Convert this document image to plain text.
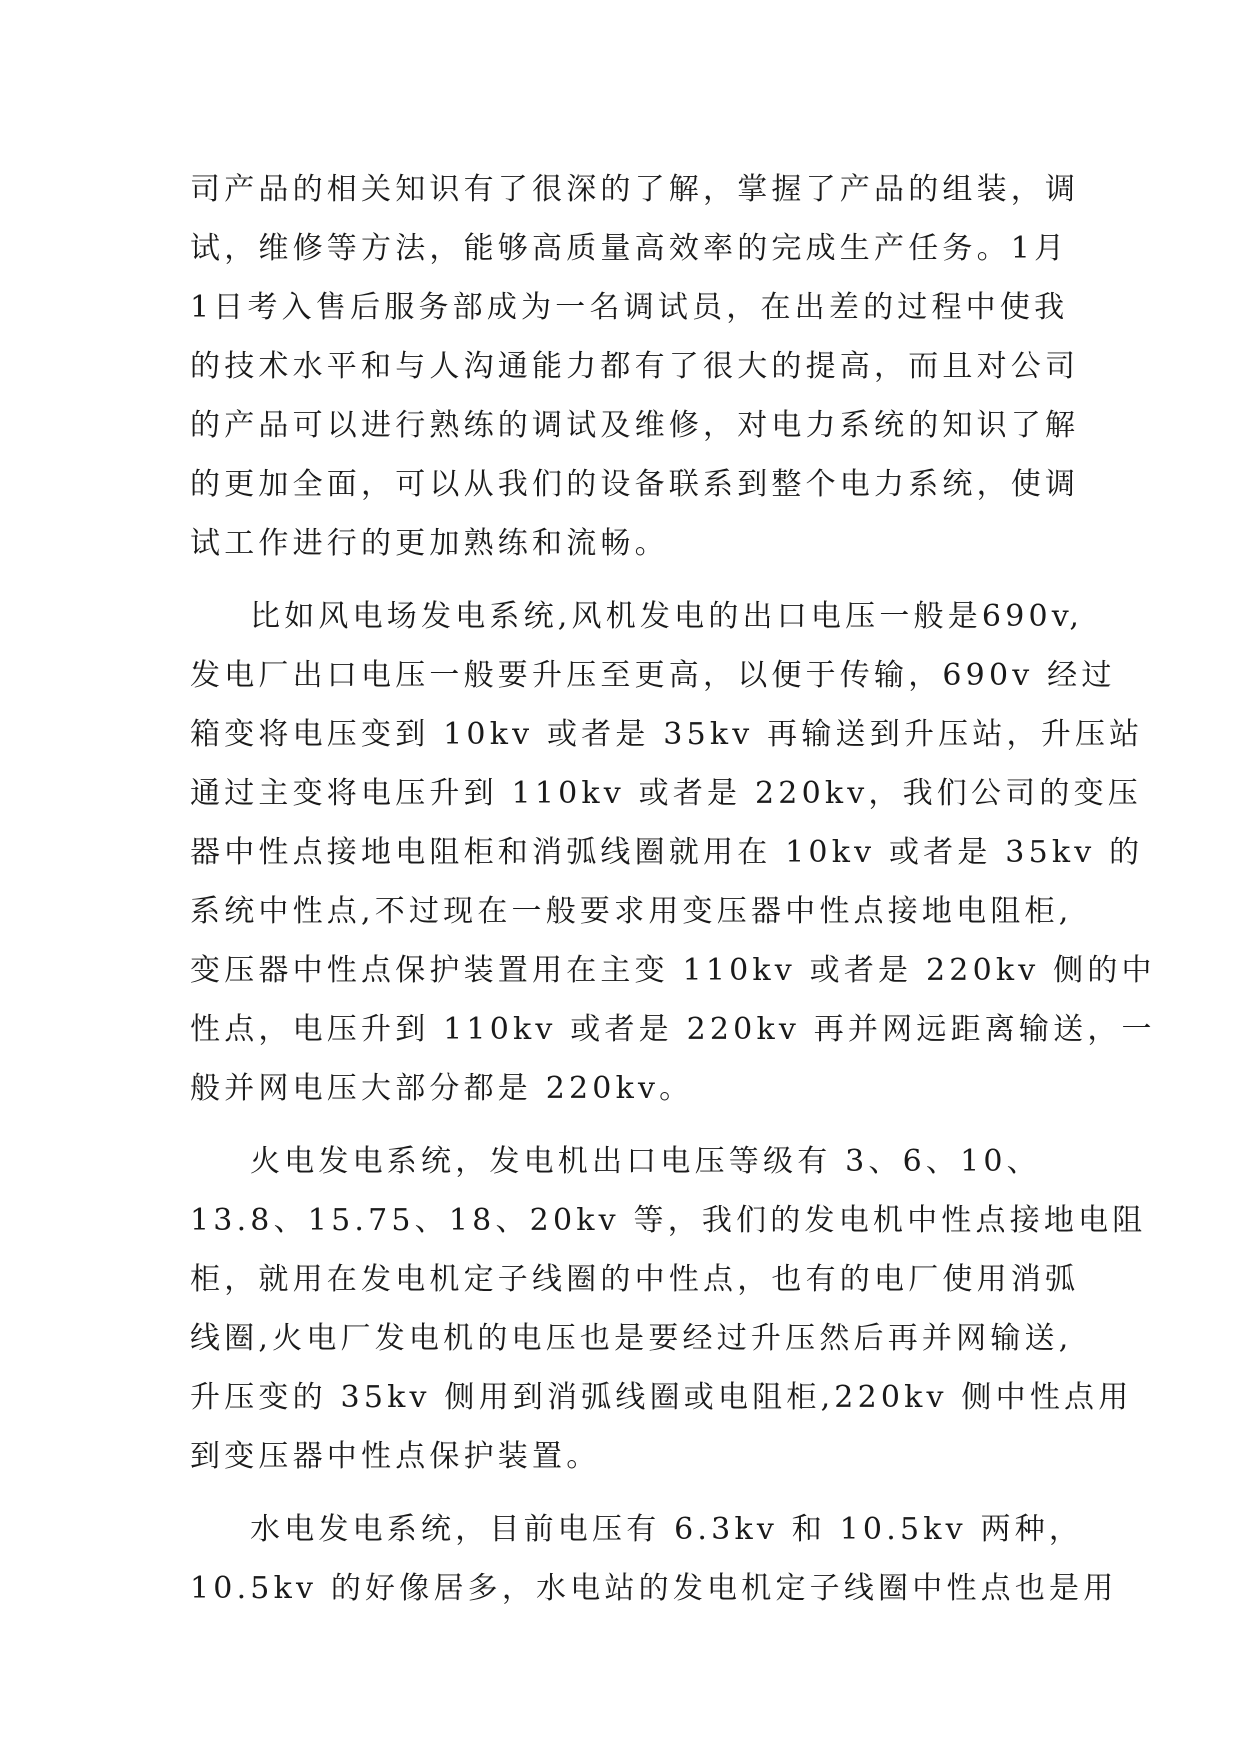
司产品的相关知识有了很深的了解，掌握了产品的组装，调
试，维修等方法，能够高质量高效率的完成生产任务。1月
1日考入售后服务部成为一名调试员，在出差的过程中使我
的技术水平和与人沟通能力都有了很大的提高，而且对公司
的产品可以进行熟练的调试及维修，对电力系统的知识了解
的更加全面，可以从我们的设备联系到整个电力系统，使调
试工作进行的更加熟练和流畅。

比如风电场发电系统,风机发电的出口电压一般是690v,
发电厂出口电压一般要升压至更高，以便于传输，690v 经过
箱变将电压变到 10kv 或者是 35kv 再输送到升压站，升压站
通过主变将电压升到 110kv 或者是 220kv，我们公司的变压
器中性点接地电阻柜和消弧线圈就用在 10kv 或者是 35kv 的
系统中性点,不过现在一般要求用变压器中性点接地电阻柜,
变压器中性点保护装置用在主变 110kv 或者是 220kv 侧的中
性点，电压升到 110kv 或者是 220kv 再并网远距离输送，一
般并网电压大部分都是 220kv。

火电发电系统，发电机出口电压等级有 3、6、10、
13.8、15.75、18、20kv 等，我们的发电机中性点接地电阻
柜，就用在发电机定子线圈的中性点，也有的电厂使用消弧
线圈,火电厂发电机的电压也是要经过升压然后再并网输送,
升压变的 35kv 侧用到消弧线圈或电阻柜,220kv 侧中性点用
到变压器中性点保护装置。

水电发电系统，目前电压有 6.3kv 和 10.5kv 两种，
10.5kv 的好像居多，水电站的发电机定子线圈中性点也是用
